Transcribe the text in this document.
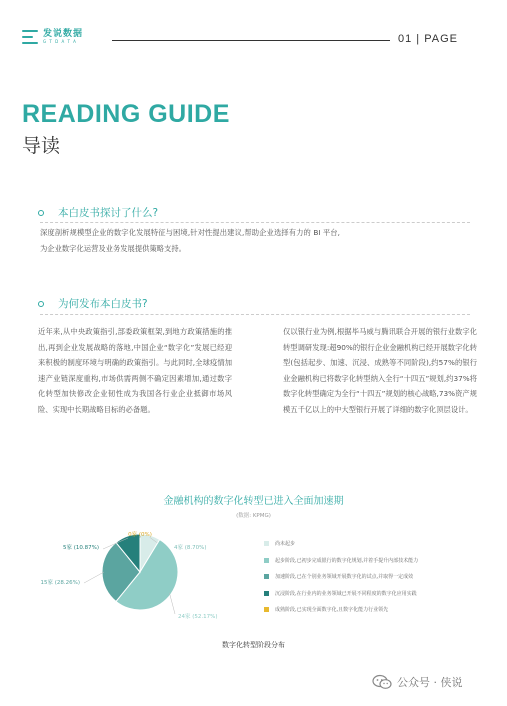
发说数据
G T D A T A	01 | PAGE
READING GUIDE
导读
本白皮书探讨了什么?
深度剖析规模型企业的数字化发展特征与困境,针对性提出建议,帮助企业选择有力的 BI 平台,为企业数字化运营及业务发展提供策略支持。
为何发布本白皮书?
近年来,从中央政策指引,部委政策框架,到地方政策措施的推出,再到企业发展战略的落地,中国企业“数字化”发展已经迎来积极的制度环境与明确的政策指引。与此同时,全球疫情加速产业链深度重构,市场供需两侧不确定因素增加,通过数字化转型加快修改企业韧性成为我国各行业企业抵御市场风险、实现中长期战略目标的必备题。
仅以银行业为例,根据毕马威与腾讯联合开展的银行业数字化转型调研发现:超90%的银行企业金融机构已经开展数字化转型(包括起步、加速、沉浸、成熟等不同阶段),约57%的银行业金融机构已将数字化转型纳入全行“十四五”规划,约37%将数字化转型确定为全行“十四五”规划的核心战略,73%资产规模五千亿以上的中大型银行开展了详细的数字化顶层设计。
金融机构的数字化转型已进入全面加速期
(数据: KPMG)
4家 (8.70%)
24家 (52.17%)
15家 (28.26%)
5家 (10.87%)
0家 (0%)
尚未起步
起步阶段,已初步完成银行的数字化规划,并着手提升内部技术能力
加速阶段,已在个别业务领域开展数字化的试点,并取得一定成效
沉浸阶段,在行业内的业务领域已开展不同程度的数字化应用实践
成熟阶段,已实现全面数字化,且数字化能力行业领先
数字化转型阶段分布
公众号 · 侠说
